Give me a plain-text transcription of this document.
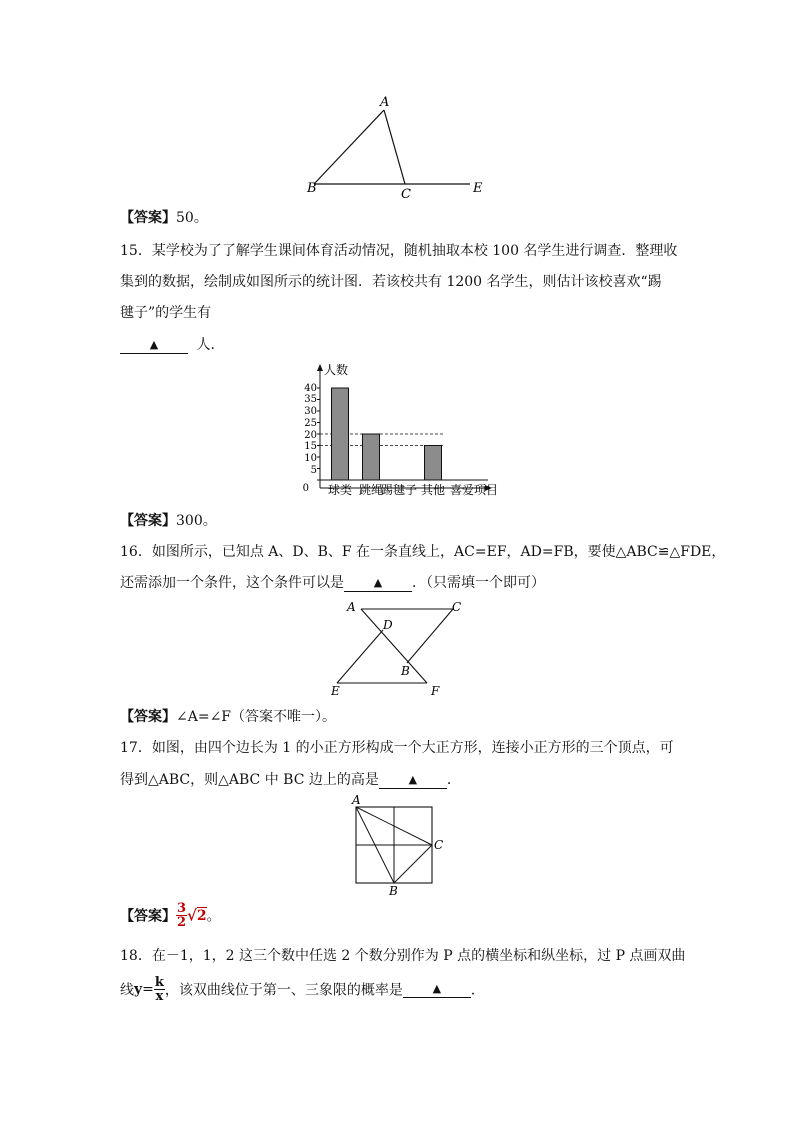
A
B	C	E
【答案】50。
15．某学校为了了解学生课间体育活动情况，随机抽取本校 100 名学生进行调查．整理收
集到的数据，绘制成如图所示的统计图．若该校共有 1200 名学生，则估计该校喜欢“踢
毽子”的学生有
▲	人．
人数
喜爱项目
40
35
30
25
20
15
10
5
0 球类 跳绳
踢毽子 其他
【答案】300。
16．如图所示，已知点 A、D、B、F 在一条直线上，AC=EF，AD=FB，要使△ABC≌△FDE，
还需添加一个条件，这个条件可以是	▲ ．（只需填一个即可）
A	C
D
B
E	F
【答案】∠A=∠F（答案不唯一）。
17．如图，由四个边长为 1 的小正方形构成一个大正方形，连接小正方形的三个顶点，可
得到△ABC，则△ABC 中 BC 边上的高是	▲ ．
A
B
C
【答案】 $\frac{3}{2} √2$。
18．在－1，1，2 这三个数中任选 2 个数分别作为 P 点的横坐标和纵坐标，过 P 点画双曲
线$y= \frac{k}{x}$ ，该双曲线位于第一、三象限的概率是	▲ ．
